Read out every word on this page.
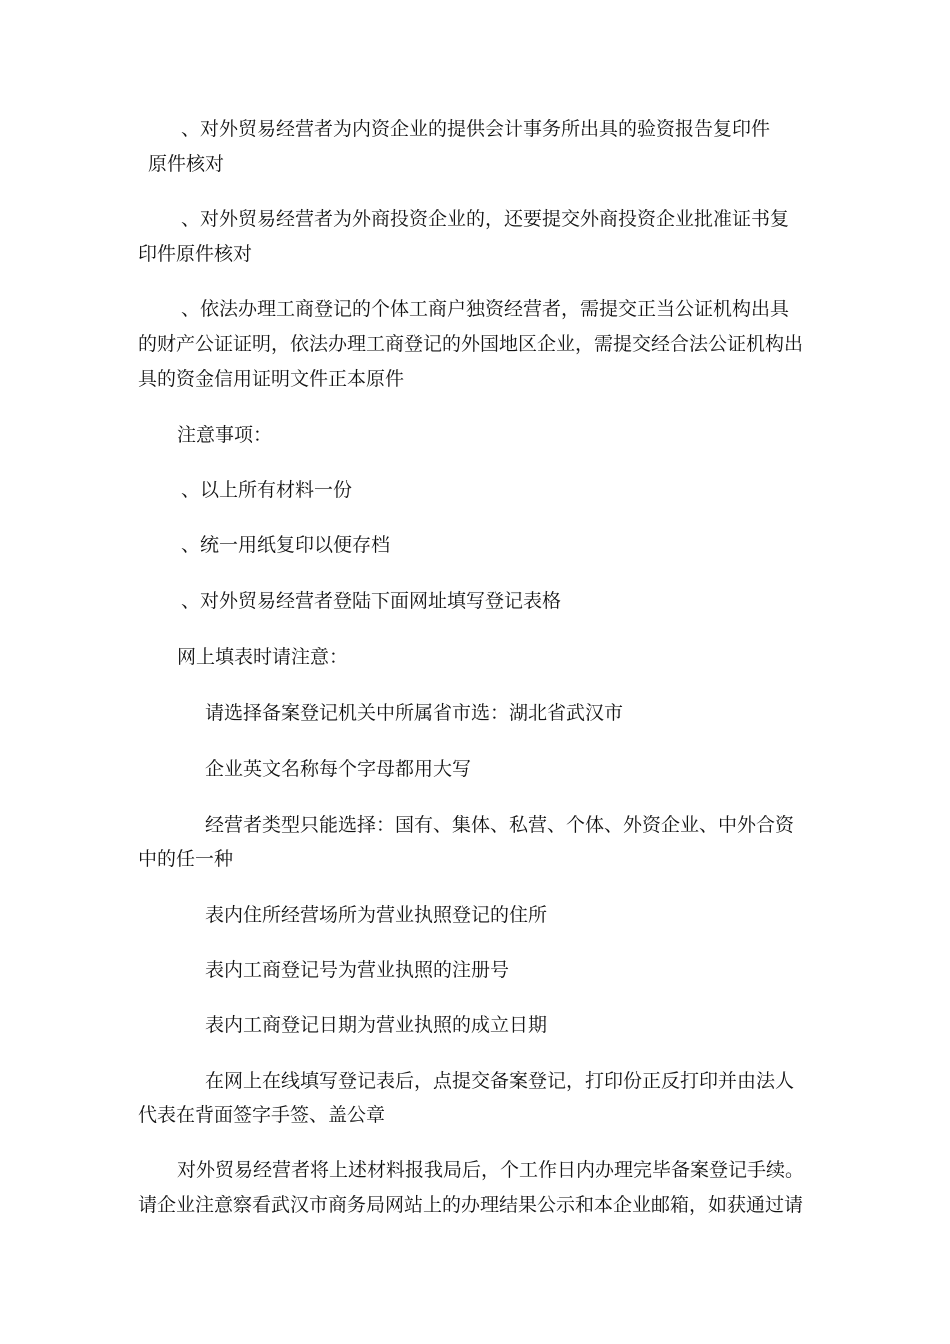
、对外贸易经营者为内资企业的提供会计事务所出具的验资报告复印件
原件核对
、对外贸易经营者为外商投资企业的，还要提交外商投资企业批准证书复
印件原件核对
、依法办理工商登记的个体工商户独资经营者，需提交正当公证机构出具
的财产公证证明，依法办理工商登记的外国地区企业，需提交经合法公证机构出
具的资金信用证明文件正本原件
注意事项：
、以上所有材料一份
、统一用纸复印以便存档
、对外贸易经营者登陆下面网址填写登记表格
网上填表时请注意：
请选择备案登记机关中所属省市选：湖北省武汉市
企业英文名称每个字母都用大写
经营者类型只能选择：国有、集体、私营、个体、外资企业、中外合资
中的任一种
表内住所经营场所为营业执照登记的住所
表内工商登记号为营业执照的注册号
表内工商登记日期为营业执照的成立日期
在网上在线填写登记表后，点提交备案登记，打印份正反打印并由法人
代表在背面签字手签、盖公章
对外贸易经营者将上述材料报我局后，个工作日内办理完毕备案登记手续。
请企业注意察看武汉市商务局网站上的办理结果公示和本企业邮箱，如获通过请
